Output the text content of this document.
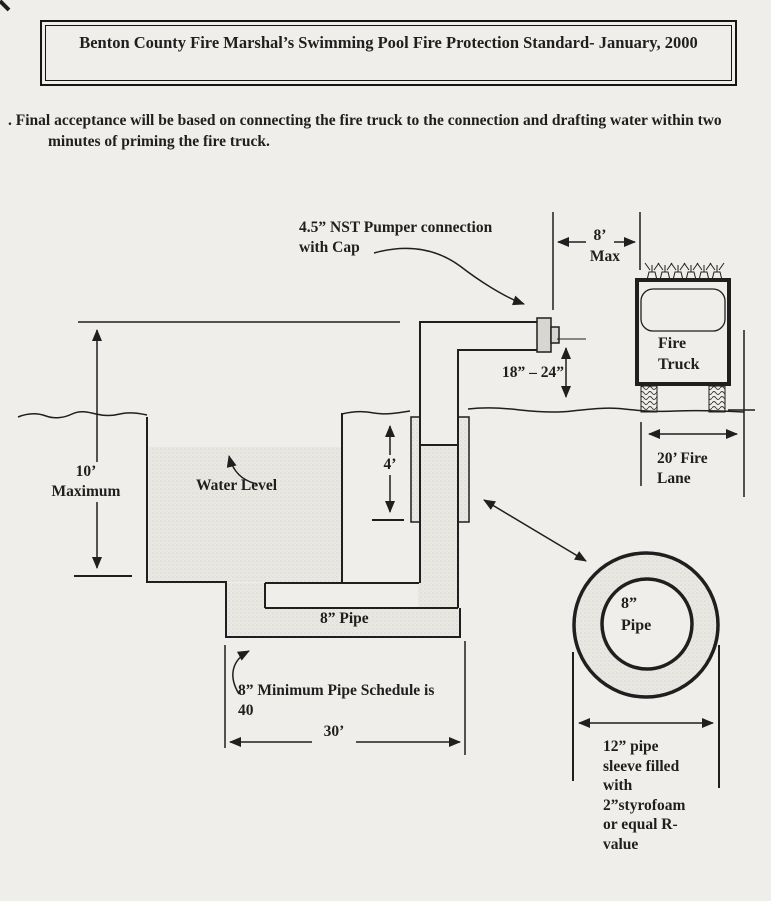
Benton County Fire Marshal’s Swimming Pool Fire Protection Standard- January, 2000
. Final acceptance will be based on connecting the fire truck to the connection and drafting water within two minutes of priming the fire truck.
4.5” NST Pumper connection
with Cap
8’
Max
Fire
Truck
18” – 24”
10’
Maximum	Water Level
4’	20’ Fire
Lane
8” Pipe
8” Minimum Pipe Schedule is
40
30’
8”
Pipe
12” pipe
sleeve filled
with
2”styrofoam
or equal R-
value
